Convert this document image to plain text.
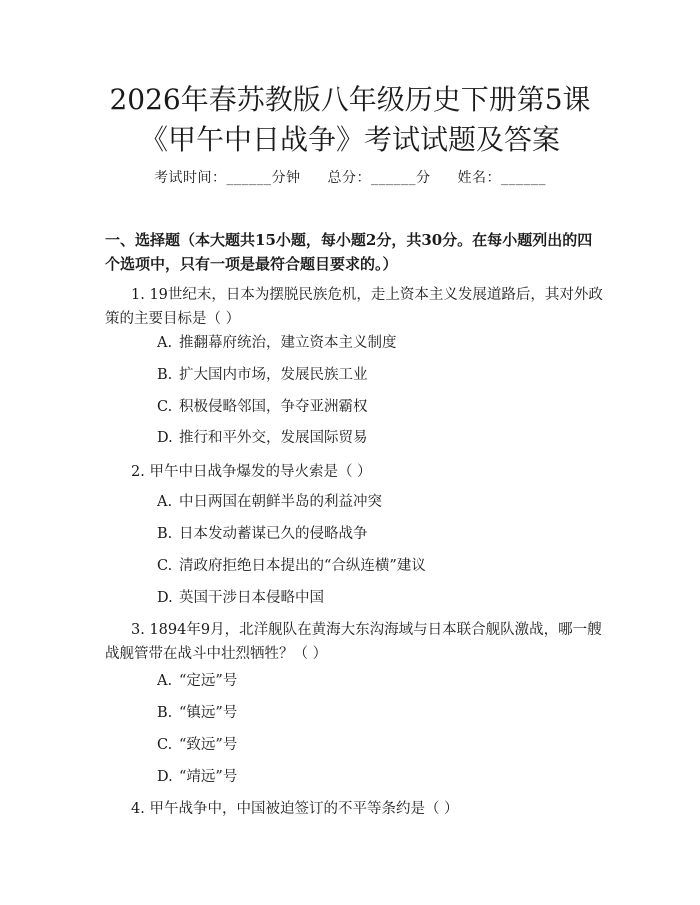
2026年春苏教版八年级历史下册第5课《甲午中日战争》考试试题及答案
考试时间：______分钟 总分：______分 姓名：______

一、选择题（本大题共15小题，每小题2分，共30分。在每小题列出的四个选项中，只有一项是最符合题目要求的。）

1. 19世纪末，日本为摆脱民族危机，走上资本主义发展道路后，其对外政策的主要目标是（ ）
A. 推翻幕府统治，建立资本主义制度
B. 扩大国内市场，发展民族工业
C. 积极侵略邻国，争夺亚洲霸权
D. 推行和平外交，发展国际贸易
2. 甲午中日战争爆发的导火索是（ ）
A. 中日两国在朝鲜半岛的利益冲突
B. 日本发动蓄谋已久的侵略战争
C. 清政府拒绝日本提出的“合纵连横”建议
D. 英国干涉日本侵略中国
3. 1894年9月，北洋舰队在黄海大东沟海域与日本联合舰队激战，哪一艘战舰管带在战斗中壮烈牺牲？（ ）
A. “定远”号
B. “镇远”号
C. “致远”号
D. “靖远”号
4. 甲午战争中，中国被迫签订的不平等条约是（ ）
